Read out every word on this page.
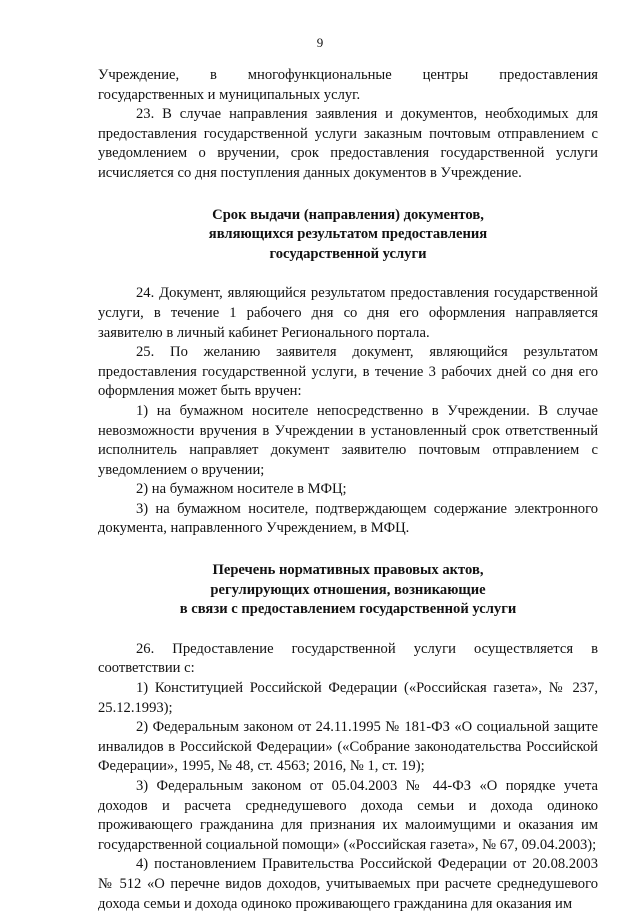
9

Учреждение, в многофункциональные центры предоставления государственных и муниципальных услуг.

23. В случае направления заявления и документов, необходимых для предоставления государственной услуги заказным почтовым отправлением с уведомлением о вручении, срок предоставления государственной услуги исчисляется со дня поступления данных документов в Учреждение.

Срок выдачи (направления) документов,
являющихся результатом предоставления
государственной услуги

24. Документ, являющийся результатом предоставления государственной услуги, в течение 1 рабочего дня со дня его оформления направляется заявителю в личный кабинет Регионального портала.

25. По желанию заявителя документ, являющийся результатом предоставления государственной услуги, в течение 3 рабочих дней со дня его оформления может быть вручен:

1) на бумажном носителе непосредственно в Учреждении. В случае невозможности вручения в Учреждении в установленный срок ответственный исполнитель направляет документ заявителю почтовым отправлением с уведомлением о вручении;

2) на бумажном носителе в МФЦ;

3) на бумажном носителе, подтверждающем содержание электронного документа, направленного Учреждением, в МФЦ.

Перечень нормативных правовых актов,
регулирующих отношения, возникающие
в связи с предоставлением государственной услуги

26. Предоставление государственной услуги осуществляется в соответствии с:

1) Конституцией Российской Федерации («Российская газета», № 237, 25.12.1993);

2) Федеральным законом от 24.11.1995 № 181-ФЗ «О социальной защите инвалидов в Российской Федерации» («Собрание законодательства Российской Федерации», 1995, № 48, ст. 4563; 2016, № 1, ст. 19);

3) Федеральным законом от 05.04.2003 № 44-ФЗ «О порядке учета доходов и расчета среднедушевого дохода семьи и дохода одиноко проживающего гражданина для признания их малоимущими и оказания им государственной социальной помощи» («Российская газета», № 67, 09.04.2003);

4) постановлением Правительства Российской Федерации от 20.08.2003 № 512 «О перечне видов доходов, учитываемых при расчете среднедушевого дохода семьи и дохода одиноко проживающего гражданина для оказания им
